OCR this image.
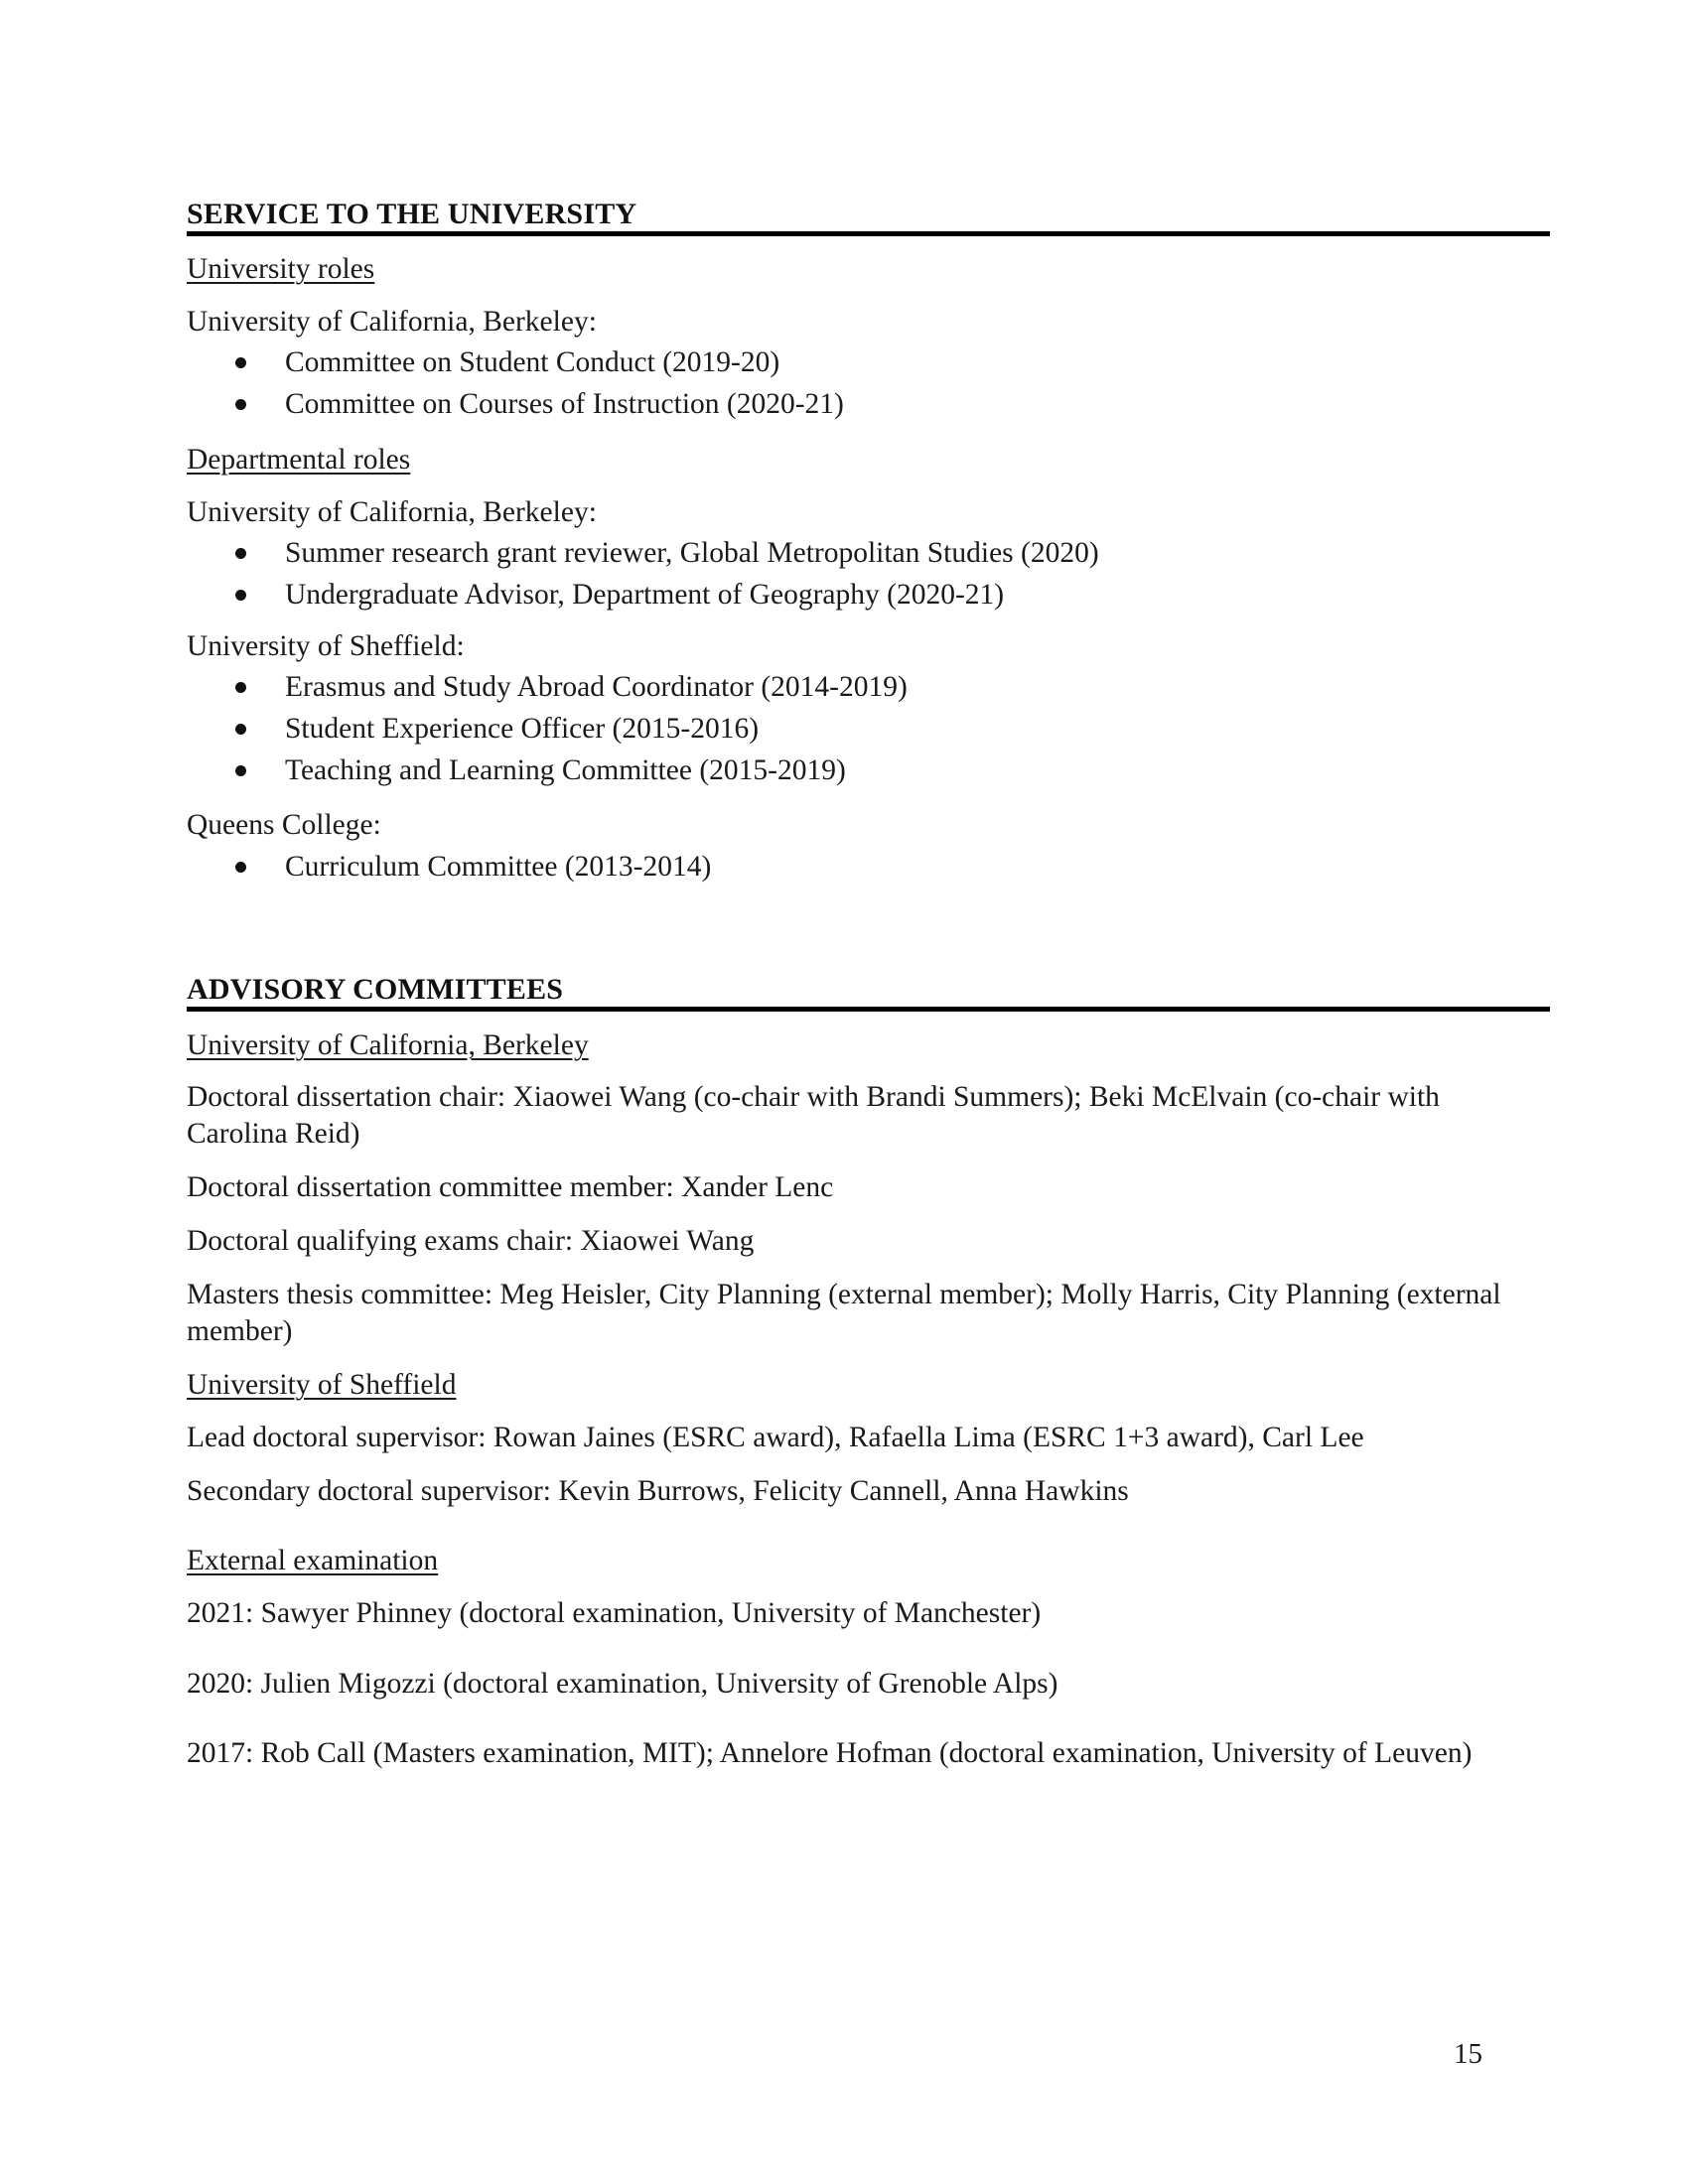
SERVICE TO THE UNIVERSITY
University roles
University of California, Berkeley:
Committee on Student Conduct (2019-20)
Committee on Courses of Instruction (2020-21)
Departmental roles
University of California, Berkeley:
Summer research grant reviewer, Global Metropolitan Studies (2020)
Undergraduate Advisor, Department of Geography (2020-21)
University of Sheffield:
Erasmus and Study Abroad Coordinator (2014-2019)
Student Experience Officer (2015-2016)
Teaching and Learning Committee (2015-2019)
Queens College:
Curriculum Committee (2013-2014)
ADVISORY COMMITTEES
University of California, Berkeley
Doctoral dissertation chair: Xiaowei Wang (co-chair with Brandi Summers); Beki McElvain (co-chair with Carolina Reid)
Doctoral dissertation committee member: Xander Lenc
Doctoral qualifying exams chair: Xiaowei Wang
Masters thesis committee: Meg Heisler, City Planning (external member); Molly Harris, City Planning (external member)
University of Sheffield
Lead doctoral supervisor: Rowan Jaines (ESRC award), Rafaella Lima (ESRC 1+3 award), Carl Lee
Secondary doctoral supervisor: Kevin Burrows, Felicity Cannell, Anna Hawkins
External examination
2021: Sawyer Phinney (doctoral examination, University of Manchester)
2020: Julien Migozzi (doctoral examination, University of Grenoble Alps)
2017: Rob Call (Masters examination, MIT); Annelore Hofman (doctoral examination, University of Leuven)
15
